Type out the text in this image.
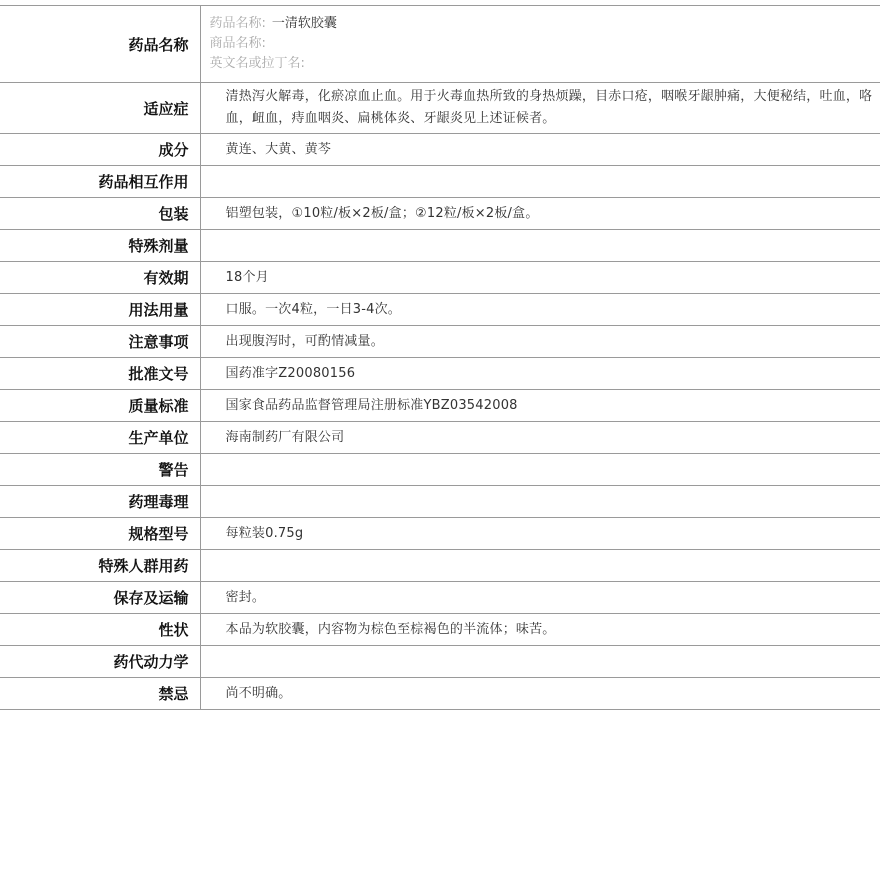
药品名称	药品名称: 一清软胶囊
商品名称:
英文名或拉丁名:

适应症	清热泻火解毒，化瘀凉血止血。用于火毒血热所致的身热烦躁，目赤口疮，咽喉牙龈肿痛，大便秘结，吐血，咯血，衄血，痔血咽炎、扁桃体炎、牙龈炎见上述证候者。
成分	黄连、大黄、黄芩
药品相互作用	
包装	铝塑包装，①10粒/板×2板/盒；②12粒/板×2板/盒。
特殊剂量	
有效期	18个月
用法用量	口服。一次4粒，一日3-4次。
注意事项	出现腹泻时，可酌情减量。
批准文号	国药准字Z20080156
质量标准	国家食品药品监督管理局注册标准YBZ03542008
生产单位	海南制药厂有限公司
警告	
药理毒理	
规格型号	每粒装0.75g
特殊人群用药	
保存及运输	密封。
性状	本品为软胶囊，内容物为棕色至棕褐色的半流体；味苦。
药代动力学	
禁忌	尚不明确。
